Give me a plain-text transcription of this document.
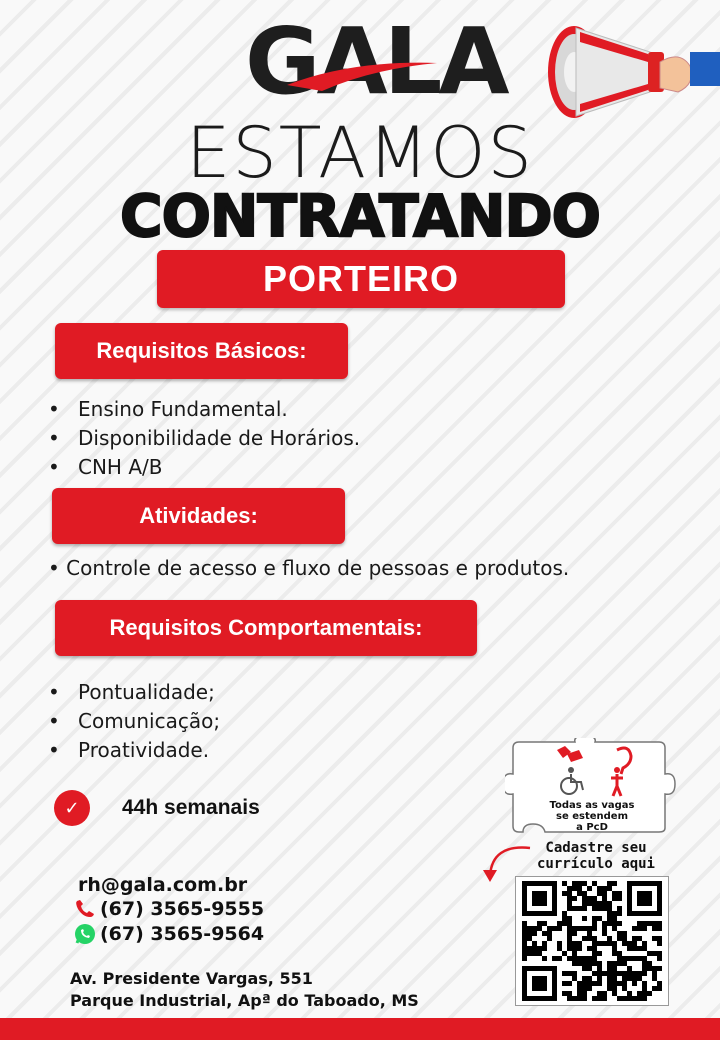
GALA
ESTAMOS
CONTRATANDO
PORTEIRO
Requisitos Básicos:
• Ensino Fundamental.
• Disponibilidade de Horários.
• CNH A/B
Atividades:
• Controle de acesso e fluxo de pessoas e produtos.
Requisitos Comportamentais:
• Pontualidade;
• Comunicação;
• Proatividade.
✓	44h semanais	Todas as vagas
se estendem
a PcD
Cadastre seu
currículo aqui
rh@gala.com.br
(67) 3565-9555
(67) 3565-9564
Av. Presidente Vargas, 551
Parque Industrial, Apª do Taboado, MS
